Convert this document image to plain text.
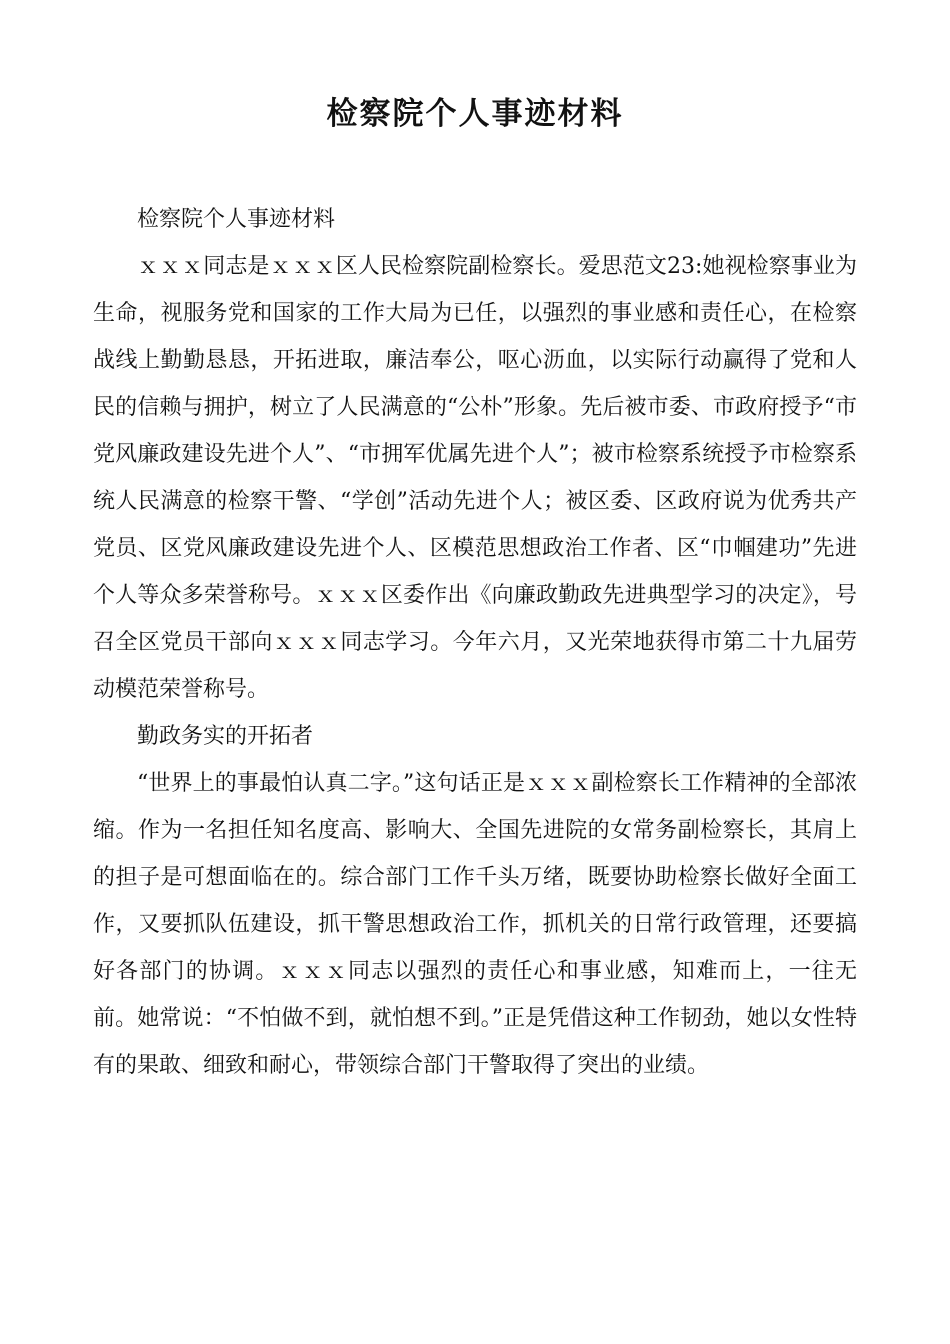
检察院个人事迹材料

检察院个人事迹材料

ｘｘｘ同志是ｘｘｘ区人民检察院副检察长。爱思范文23:她视检察事业为生命，视服务党和国家的工作大局为已任，以强烈的事业感和责任心，在检察战线上勤勤恳恳，开拓进取，廉洁奉公，呕心沥血，以实际行动赢得了党和人民的信赖与拥护，树立了人民满意的“公朴”形象。先后被市委、市政府授予“市党风廉政建设先进个人”、“市拥军优属先进个人”；被市检察系统授予市检察系统人民满意的检察干警、“学创”活动先进个人；被区委、区政府说为优秀共产党员、区党风廉政建设先进个人、区模范思想政治工作者、区“巾帼建功”先进个人等众多荣誉称号。ｘｘｘ区委作出《向廉政勤政先进典型学习的决定》，号召全区党员干部向ｘｘｘ同志学习。今年六月，又光荣地获得市第二十九届劳动模范荣誉称号。

勤政务实的开拓者

“世界上的事最怕认真二字。”这句话正是ｘｘｘ副检察长工作精神的全部浓缩。作为一名担任知名度高、影响大、全国先进院的女常务副检察长，其肩上的担子是可想面临在的。综合部门工作千头万绪，既要协助检察长做好全面工作，又要抓队伍建设，抓干警思想政治工作，抓机关的日常行政管理，还要搞好各部门的协调。ｘｘｘ同志以强烈的责任心和事业感，知难而上，一往无前。她常说：“不怕做不到，就怕想不到。”正是凭借这种工作韧劲，她以女性特有的果敢、细致和耐心，带领综合部门干警取得了突出的业绩。
